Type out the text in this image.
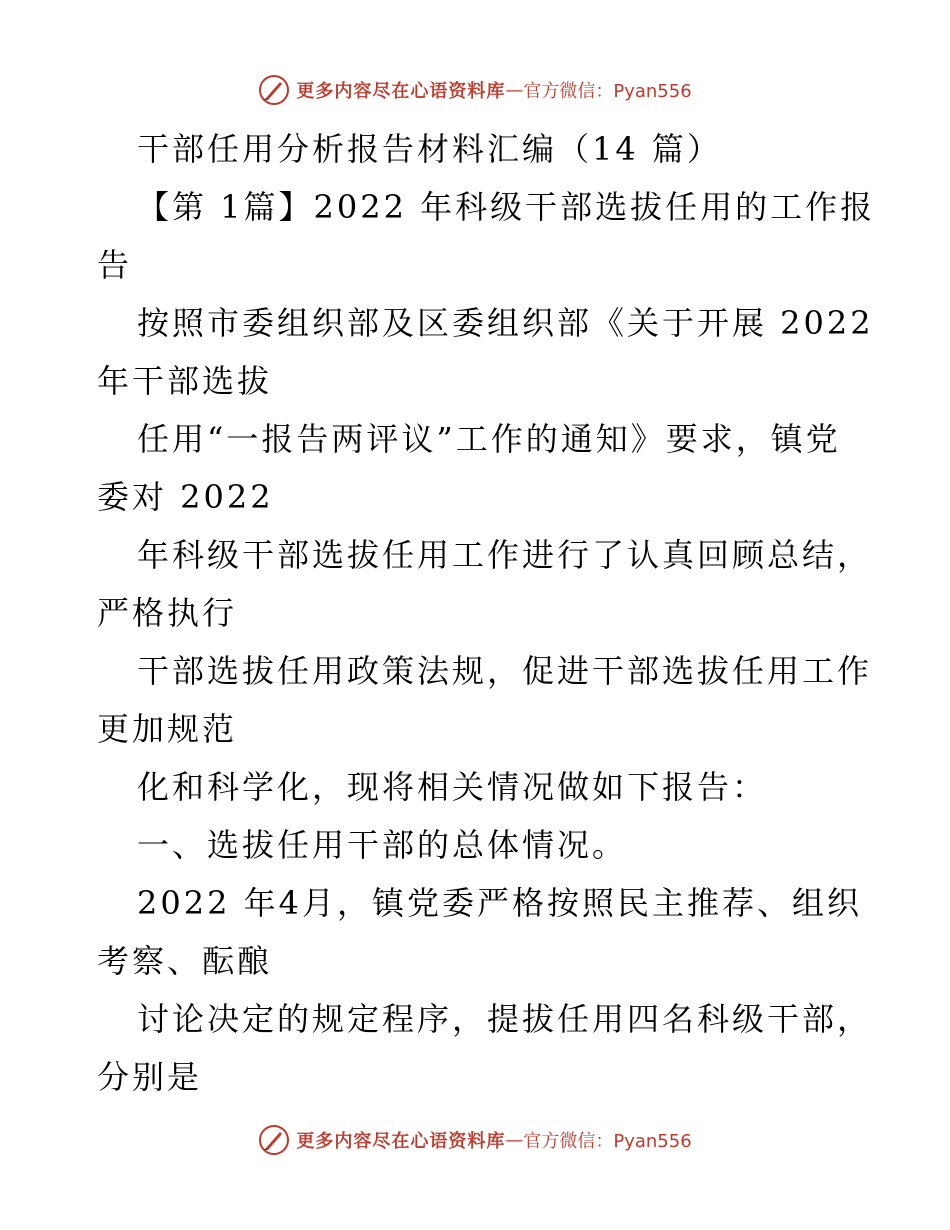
更多内容尽在心语资料库 — 官方微信：Pyan556
干部任用分析报告材料汇编（14 篇）
【第 1篇】2022 年科级干部选拔任用的工作报
告
按照市委组织部及区委组织部《关于开展 2022
年干部选拔
任用“一报告两评议”工作的通知》要求，镇党
委对 2022
年科级干部选拔任用工作进行了认真回顾总结，
严格执行
干部选拔任用政策法规，促进干部选拔任用工作
更加规范
化和科学化，现将相关情况做如下报告：
一、选拔任用干部的总体情况。
2022 年4月，镇党委严格按照民主推荐、组织
考察、酝酿
讨论决定的规定程序，提拔任用四名科级干部，
分别是
更多内容尽在心语资料库 — 官方微信：Pyan556
